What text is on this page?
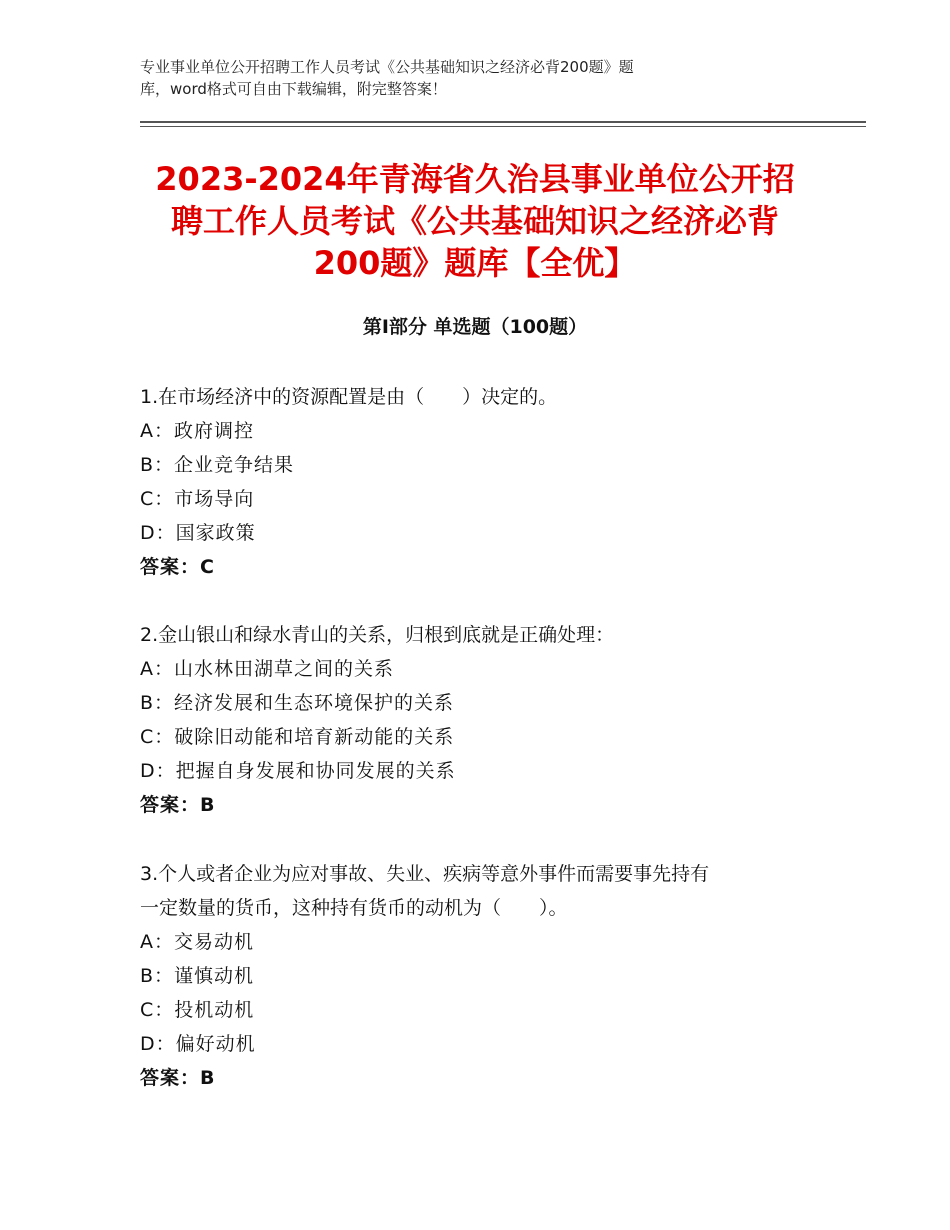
专业事业单位公开招聘工作人员考试《公共基础知识之经济必背200题》题
库，word格式可自由下载编辑，附完整答案！
2023-2024年青海省久治县事业单位公开招
聘工作人员考试《公共基础知识之经济必背
200题》题库【全优】
第Ⅰ部分 单选题（100题）
1.在市场经济中的资源配置是由（　　）决定的。
A：政府调控
B：企业竞争结果
C：市场导向
D：国家政策
答案：C
2.金山银山和绿水青山的关系，归根到底就是正确处理：
A：山水林田湖草之间的关系
B：经济发展和生态环境保护的关系
C：破除旧动能和培育新动能的关系
D：把握自身发展和协同发展的关系
答案：B
3.个人或者企业为应对事故、失业、疾病等意外事件而需要事先持有
一定数量的货币，这种持有货币的动机为（　　）。
A：交易动机
B：谨慎动机
C：投机动机
D：偏好动机
答案：B
